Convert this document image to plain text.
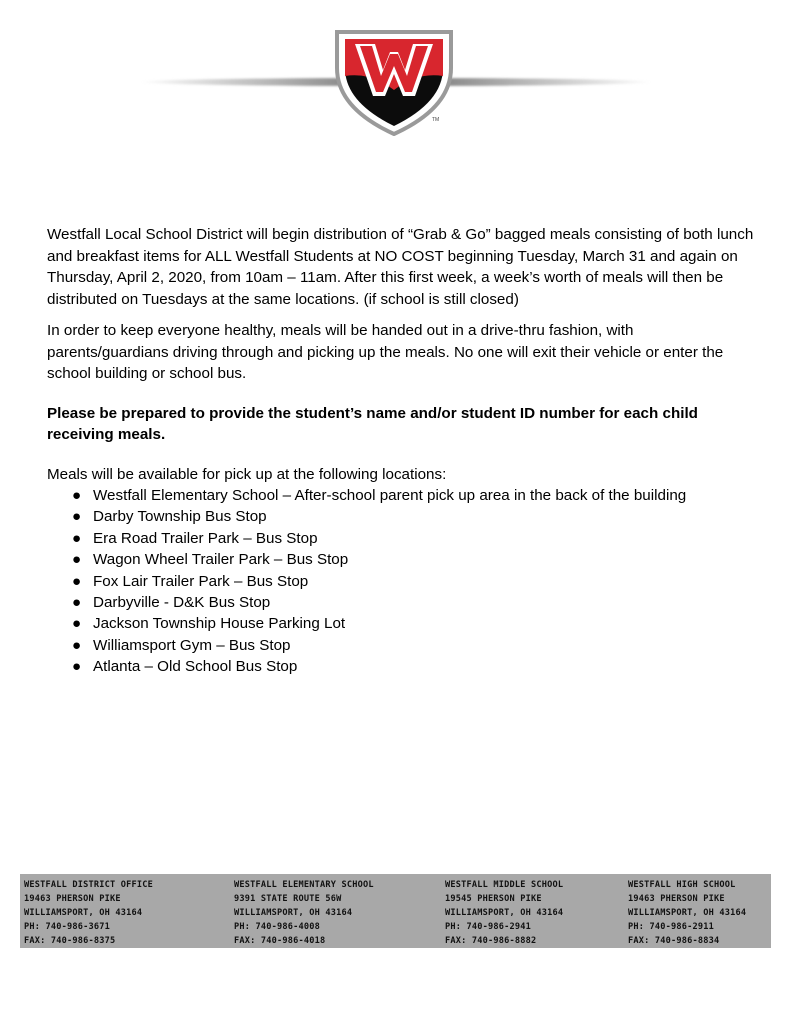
TM

Westfall Local School District will begin distribution of “Grab & Go” bagged meals consisting of both lunch and breakfast items for ALL Westfall Students at NO COST beginning Tuesday, March 31 and again on Thursday, April 2, 2020, from 10am – 11am. After this first week, a week’s worth of meals will then be distributed on Tuesdays at the same locations. (if school is still closed)

In order to keep everyone healthy, meals will be handed out in a drive-thru fashion, with parents/guardians driving through and picking up the meals. No one will exit their vehicle or enter the school building or school bus.

Please be prepared to provide the student’s name and/or student ID number for each child receiving meals.

Meals will be available for pick up at the following locations:

● Westfall Elementary School – After-school parent pick up area in the back of the building
● Darby Township Bus Stop
● Era Road Trailer Park – Bus Stop
● Wagon Wheel Trailer Park – Bus Stop
● Fox Lair Trailer Park – Bus Stop
● Darbyville - D&K Bus Stop
● Jackson Township House Parking Lot
● Williamsport Gym – Bus Stop
● Atlanta – Old School Bus Stop
WESTFALL DISTRICT OFFICE
19463 PHERSON PIKE
WILLIAMSPORT, OH 43164
PH: 740-986-3671
FAX: 740-986-8375
WESTFALL ELEMENTARY SCHOOL
9391 STATE ROUTE 56W
WILLIAMSPORT, OH 43164
PH: 740-986-4008
FAX: 740-986-4018
WESTFALL MIDDLE SCHOOL
19545 PHERSON PIKE
WILLIAMSPORT, OH 43164
PH: 740-986-2941
FAX: 740-986-8882
WESTFALL HIGH SCHOOL
19463 PHERSON PIKE
WILLIAMSPORT, OH 43164
PH: 740-986-2911
FAX: 740-986-8834
